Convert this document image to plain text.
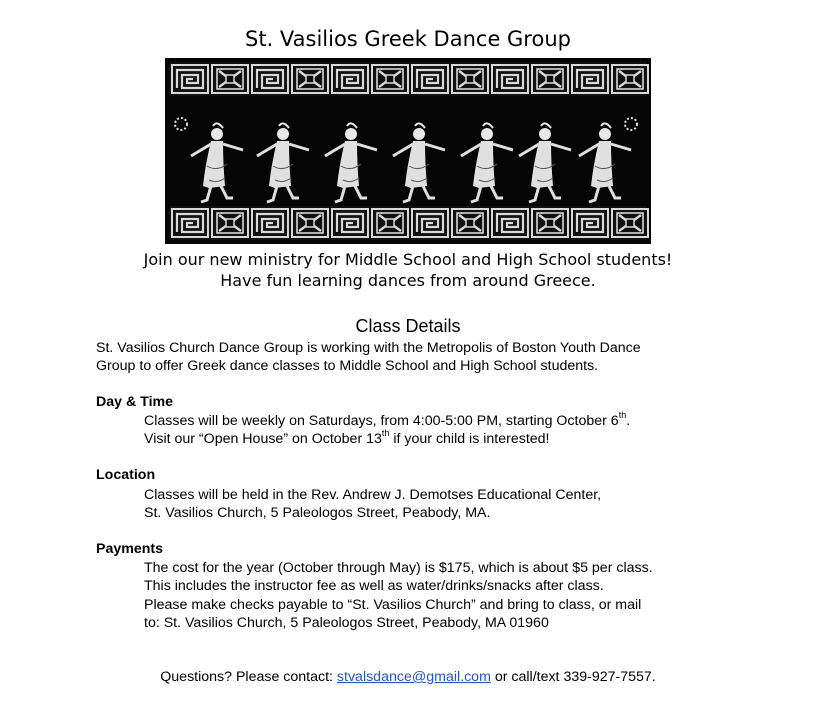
St. Vasilios Greek Dance Group
Join our new ministry for Middle School and High School students!
Have fun learning dances from around Greece.
Class Details
St. Vasilios Church Dance Group is working with the Metropolis of Boston Youth Dance
Group to offer Greek dance classes to Middle School and High School students.
Day & Time
Classes will be weekly on Saturdays, from 4:00-5:00 PM, starting October 6th.
Visit our “Open House” on October 13th if your child is interested!
Location
Classes will be held in the Rev. Andrew J. Demotses Educational Center,
St. Vasilios Church, 5 Paleologos Street, Peabody, MA.
Payments
The cost for the year (October through May) is $175, which is about $5 per class.
This includes the instructor fee as well as water/drinks/snacks after class.
Please make checks payable to “St. Vasilios Church” and bring to class, or mail
to: St. Vasilios Church, 5 Paleologos Street, Peabody, MA 01960
Questions? Please contact: stvalsdance@gmail.com or call/text 339-927-7557.
